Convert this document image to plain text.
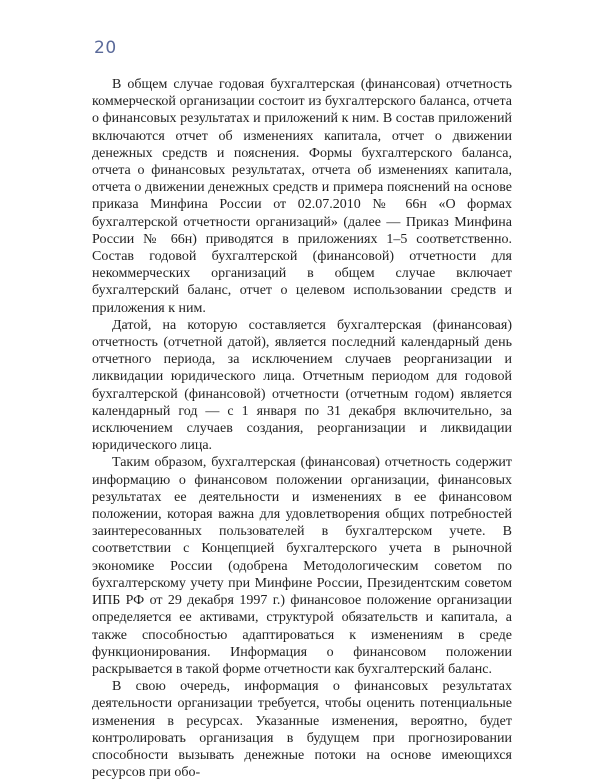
20

В общем случае годовая бухгалтерская (финансовая) отчетность коммерческой организации состоит из бухгалтерского баланса, отчета о финансовых результатах и приложений к ним. В состав приложений включаются отчет об изменениях капитала, отчет о движении денежных средств и пояснения. Формы бухгалтерского баланса, отчета о финансовых результатах, отчета об изменениях капитала, отчета о движении денежных средств и примера пояснений на основе приказа Минфина России от 02.07.2010 № 66н «О формах бухгалтерской отчетности организаций» (далее — Приказ Минфина России № 66н) приводятся в приложениях 1–5 соответственно. Состав годовой бухгалтерской (финансовой) отчетности для некоммерческих организаций в общем случае включает бухгалтерский баланс, отчет о целевом использовании средств и приложения к ним.

Датой, на которую составляется бухгалтерская (финансовая) отчетность (отчетной датой), является последний календарный день отчетного периода, за исключением случаев реорганизации и ликвидации юридического лица. Отчетным периодом для годовой бухгалтерской (финансовой) отчетности (отчетным годом) является календарный год — с 1 января по 31 декабря включительно, за исключением случаев создания, реорганизации и ликвидации юридического лица.

Таким образом, бухгалтерская (финансовая) отчетность содержит информацию о финансовом положении организации, финансовых результатах ее деятельности и изменениях в ее финансовом положении, которая важна для удовлетворения общих потребностей заинтересованных пользователей в бухгалтерском учете. В соответствии с Концепцией бухгалтерского учета в рыночной экономике России (одобрена Методологическим советом по бухгалтерскому учету при Минфине России, Президентским советом ИПБ РФ от 29 декабря 1997 г.) финансовое положение организации определяется ее активами, структурой обязательств и капитала, а также способностью адаптироваться к изменениям в среде функционирования. Информация о финансовом положении раскрывается в такой форме отчетности как бухгалтерский баланс.

В свою очередь, информация о финансовых результатах деятельности организации требуется, чтобы оценить потенциальные изменения в ресурсах. Указанные изменения, вероятно, будет контролировать организация в будущем при прогнозировании способности вызывать денежные потоки на основе имеющихся ресурсов при обо-
